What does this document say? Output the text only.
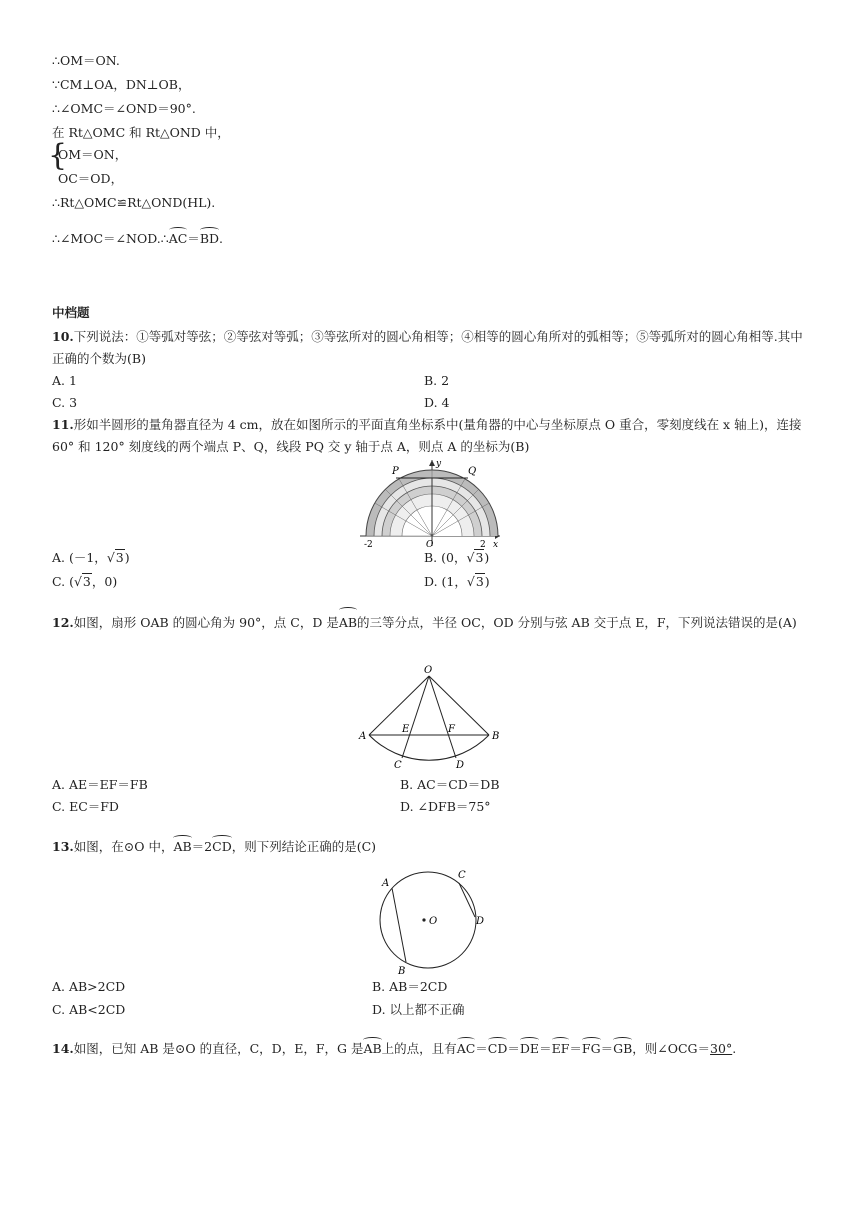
∴OM＝ON.
∵CM⊥OA，DN⊥OB，
∴∠OMC＝∠OND＝90°.
在 Rt△OMC 和 Rt△OND 中，
{
OM＝ON，
OC＝OD，
∴Rt△OMC≌Rt△OND(HL).
∴∠MOC＝∠NOD.∴AC＝BD.
中档题
10.下列说法：①等弧对等弦；②等弦对等弧；③等弦所对的圆心角相等；④相等的圆心角所对的弧相等；⑤等弧所对的圆心角相等.其中正确的个数为(B)
A. 1	B. 2
C. 3	D. 4
11.形如半圆形的量角器直径为 4 cm，放在如图所示的平面直角坐标系中(量角器的中心与坐标原点 O 重合，零刻度线在 x 轴上)，连接 60° 和 120° 刻度线的两个端点 P、Q，线段 PQ 交 y 轴于点 A，则点 A 的坐标为(B)
P	Q
y
x
O
-2	2
A. (－1，√3)	B. (0，√3)
C. (√3，0)	D. (1，√3)
12.如图，扇形 OAB 的圆心角为 90°，点 C，D 是AB的三等分点，半径 OC，OD 分别与弦 AB 交于点 E，F，下列说法错误的是(A)
O
A	B
C	D
E	F
A. AE＝EF＝FB	B. AC＝CD＝DB
C. EC＝FD	D. ∠DFB＝75°
13.如图，在⊙O 中，AB＝2CD，则下列结论正确的是(C)
O
A
B
C
D
A. AB>2CD	B. AB＝2CD
C. AB<2CD	D. 以上都不正确
14.如图，已知 AB 是⊙O 的直径，C，D，E，F，G 是AB上的点，且有AC＝CD＝DE＝EF＝FG＝GB，则∠OCG＝30°.
